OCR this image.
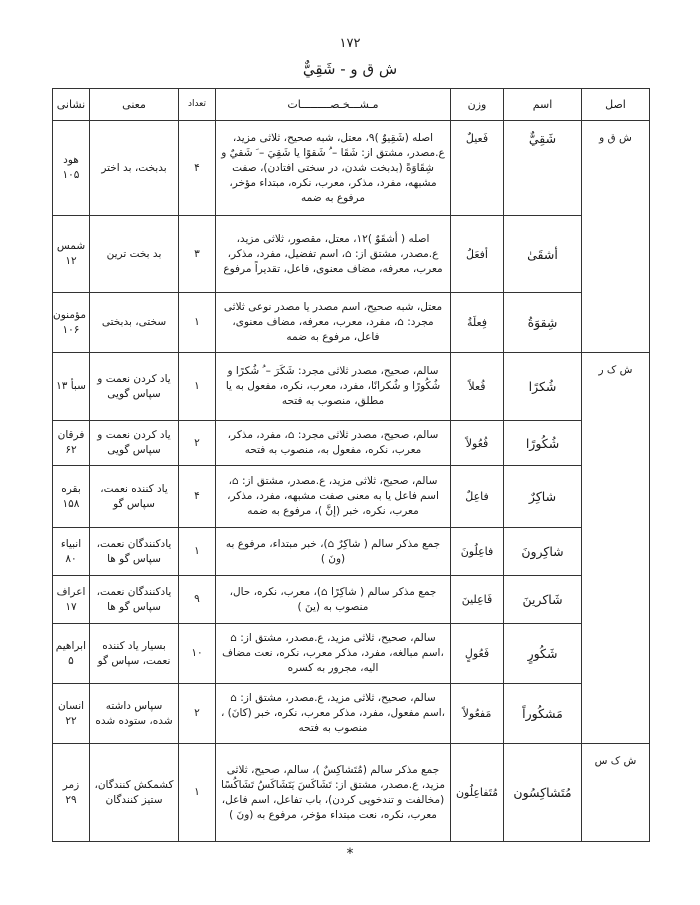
١٧٢
ش ق و - شَقِيٌّ
اصل	اسم	وزن	مـشـــخـصـــــــــات	تعداد	معنی	نشانی
ش ق و	شَقِيٌّ	فَعيلٌ	اصله (شَقِيوٌ )٩، معتل، شبه صحیح، ثلاثی مزید، ع.مصدر، مشتق از: شَقَا – ُ شَقوًا یا شَقِيَ – َ شَقيٌ و شِقَاوَةً (بدبخت شدن، در سختی افتادن)، صفت مشبهه، مفرد، مذکر، معرب، نکره، مبتداء مؤخر، مرفوع به ضمه	۴	بدبخت، بد اختر	هود ١٠۵
	أشقَىٰ	أفعَلُ	اصله ( أشقَوٌ )١٢، معتل، مقصور، ثلاثی مزید، ع.مصدر، مشتق از: ⌂، اسم تفضیل، مفرد، مذکر، معرب، معرفه، مضاف معنوی، فاعل، تقدیراً مرفوع	٣	بد بخت ترین	شمس ١٢
	شِقوَةُ	فِعلَةُ	معتل، شبه صحیح، اسم مصدر یا مصدر نوعی ثلاثی مجرد: ⌂، مفرد، معرب، معرفه، مضاف معنوی، فاعل، مرفوع به ضمه	١	سختی، بدبختی	مؤمنون ١٠۶
ش ک ر	شُكرًا	فُعلاً	سالم، صحیح، مصدر ثلاثی مجرد: شَكَرَ – ُ شُكرًا و شُكُورًا و شُكرانًا، مفرد، معرب، نکره، مفعول به یا مطلق، منصوب به فتحه	١	یاد کردن نعمت و سپاس گویی	سبأ ١٣
	شُكُورًا	فُعُولاً	سالم، صحیح، مصدر ثلاثی مجرد: ⌂، مفرد، مذکر، معرب، نکره، مفعول به، منصوب به فتحه	٢	یاد کردن نعمت و سپاس گویی	فرقان ۶٢
	شاكِرٌ	فاعِلٌ	سالم، صحیح، ثلاثی مزید، ع.مصدر، مشتق از: ⌂، اسم فاعل یا به معنی صفت مشبهه، مفرد، مذکر، معرب، نکره، خبر (إنَّ )، مرفوع به ضمه	۴	یاد کننده نعمت، سپاس گو	بقره ١۵٨
	شاكِرونَ	فاعِلُونَ	جمع مذکر سالم ( شاكِرٌ ⌂)، خبر مبتداء، مرفوع به (ونَ )	١	یادکنندگان نعمت، سپاس گو ها	انبیاء ٨٠
	شَاكرينَ	فَاعِلينَ	جمع مذکر سالم ( شاكِرًا ⌂)، معرب، نکره، حال، منصوب به (ینَ )	٩	یادکنندگان نعمت، سپاس گو ها	اعراف ١٧
	شَكُورٍ	فَعُولٍ	سالم، صحیح، ثلاثی مزید، ع.مصدر، مشتق از: ⌂ ،اسم مبالغه، مفرد، مذکر معرب، نکره، نعت مضاف الیه، مجرور به کسره	١٠	بسیار یاد کننده نعمت، سپاس گو	ابراهیم ۵
	مَشكُوراً	مَفعُولاً	سالم، صحیح، ثلاثی مزید، ع.مصدر، مشتق از: ⌂ ،اسم مفعول، مفرد، مذکر معرب، نکره، خبر (كانَ) ، منصوب به فتحه	٢	سپاس داشته شده، ستوده شده	انسان ٢٢
ش ک س	مُتَشاكِسُون	مُتَفاعِلُون	جمع مذکر سالم (مُتَشاكِسٌ )، سالم، صحیح، ثلاثی مزید، ع.مصدر، مشتق از: تَشَاكَسَ يَتَشَاكَسُ تَشَاكُسًا (مخالفت و تندخویی کردن)، باب تفاعل، اسم فاعل، معرب، نکره، نعت مبتداء مؤخر، مرفوع به (ونَ )	١	کشمکش کنندگان، ستیز کنندگان	زمر ٢٩
*
